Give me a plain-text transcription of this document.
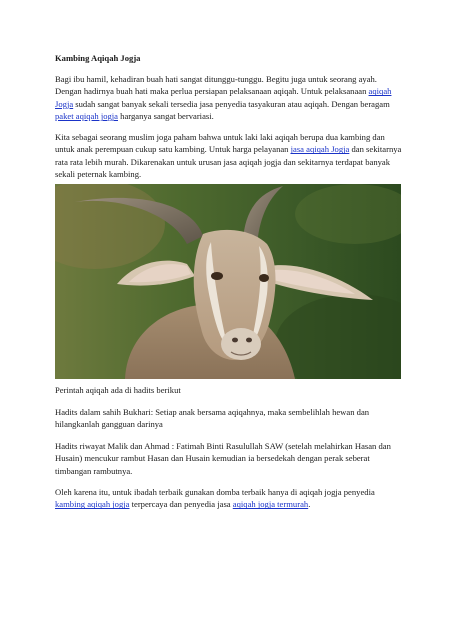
Kambing Aqiqah Jogja

Bagi ibu hamil, kehadiran buah hati sangat ditunggu-tunggu. Begitu juga untuk seorang ayah. Dengan hadirnya buah hati maka perlua persiapan pelaksanaan aqiqah. Untuk pelaksanaan aqiqah Jogja sudah sangat banyak sekali tersedia jasa penyedia tasyakuran atau aqiqah. Dengan beragam paket aqiqah jogja harganya sangat bervariasi.

Kita sebagai seorang muslim joga paham bahwa untuk laki laki aqiqah berupa dua kambing dan untuk anak perempuan cukup satu kambing. Untuk harga pelayanan jasa aqiqah Jogja dan sekitarnya rata rata lebih murah. Dikarenakan untuk urusan jasa aqiqah jogja dan sekitarnya terdapat banyak sekali peternak kambing.

Perintah aqiqah ada di hadits berikut

Hadits dalam sahih Bukhari: Setiap anak bersama aqiqahnya, maka sembelihlah hewan dan hilangkanlah gangguan darinya

Hadits riwayat Malik dan Ahmad : Fatimah Binti Rasulullah SAW (setelah melahirkan Hasan dan Husain) mencukur rambut Hasan dan Husain kemudian ia bersedekah dengan perak seberat timbangan rambutnya.

Oleh karena itu, untuk ibadah terbaik gunakan domba terbaik hanya di aqiqah jogja penyedia kambing aqiqah jogja terpercaya dan penyedia jasa aqiqah jogja termurah.
